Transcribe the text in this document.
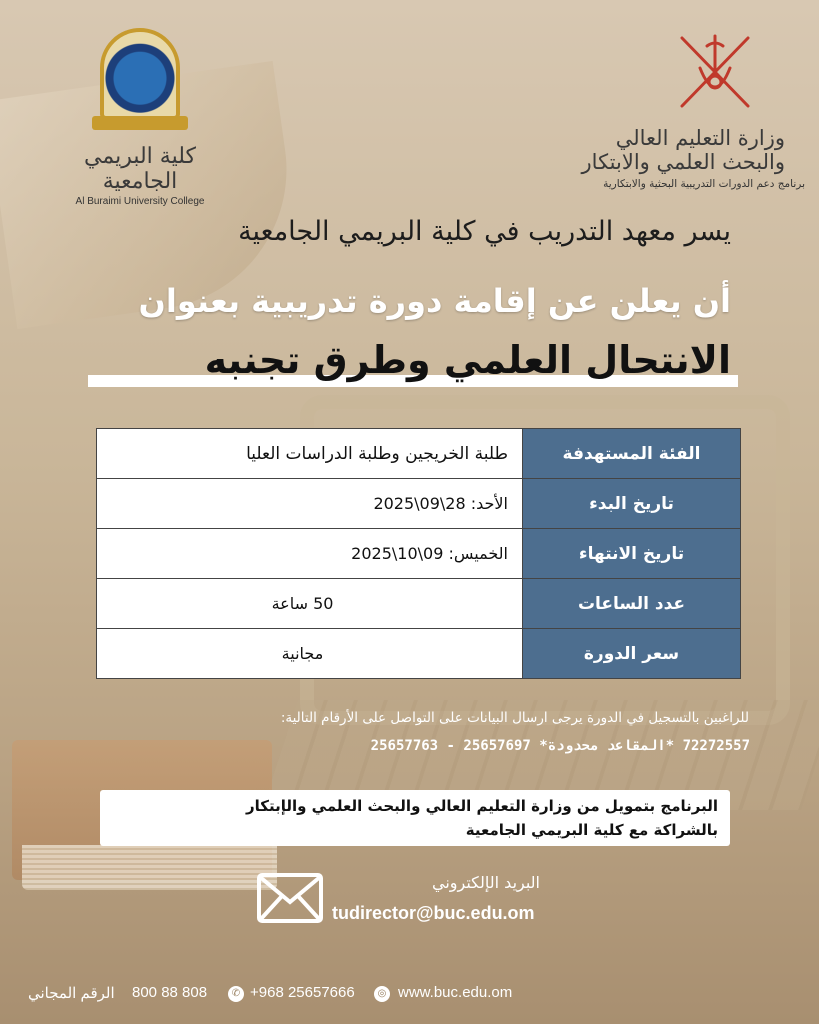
كلية البريمي الجامعية
Al Buraimi University College
وزارة التعليم العالي
والبحث العلمي والابتكار
برنامج دعم الدورات التدريبية البحثية والابتكارية
يسر معهد التدريب في كلية البريمي الجامعية
أن يعلن عن إقامة دورة تدريبية بعنوان
الانتحال العلمي وطرق تجنبه
الفئة المستهدفة	طلبة الخريجين وطلبة الدراسات العليا
تاريخ البدء	الأحد: 28\09\2025
تاريخ الانتهاء	الخميس: 09\10\2025
عدد الساعات	50 ساعة
سعر الدورة	مجانية
للراغبين بالتسجيل في الدورة يرجى ارسال البيانات على التواصل على الأرقام التالية:
72272557 *المقاعد محدودة* 25657697 - 25657763
البرنامج بتمويل من وزارة التعليم العالي والبحث العلمي والإبتكار
بالشراكة مع كلية البريمي الجامعية
البريد الإلكتروني
tudirector@buc.edu.om
الرقم المجاني 800 88 808	✆ +968 25657666	◎ www.buc.edu.om
